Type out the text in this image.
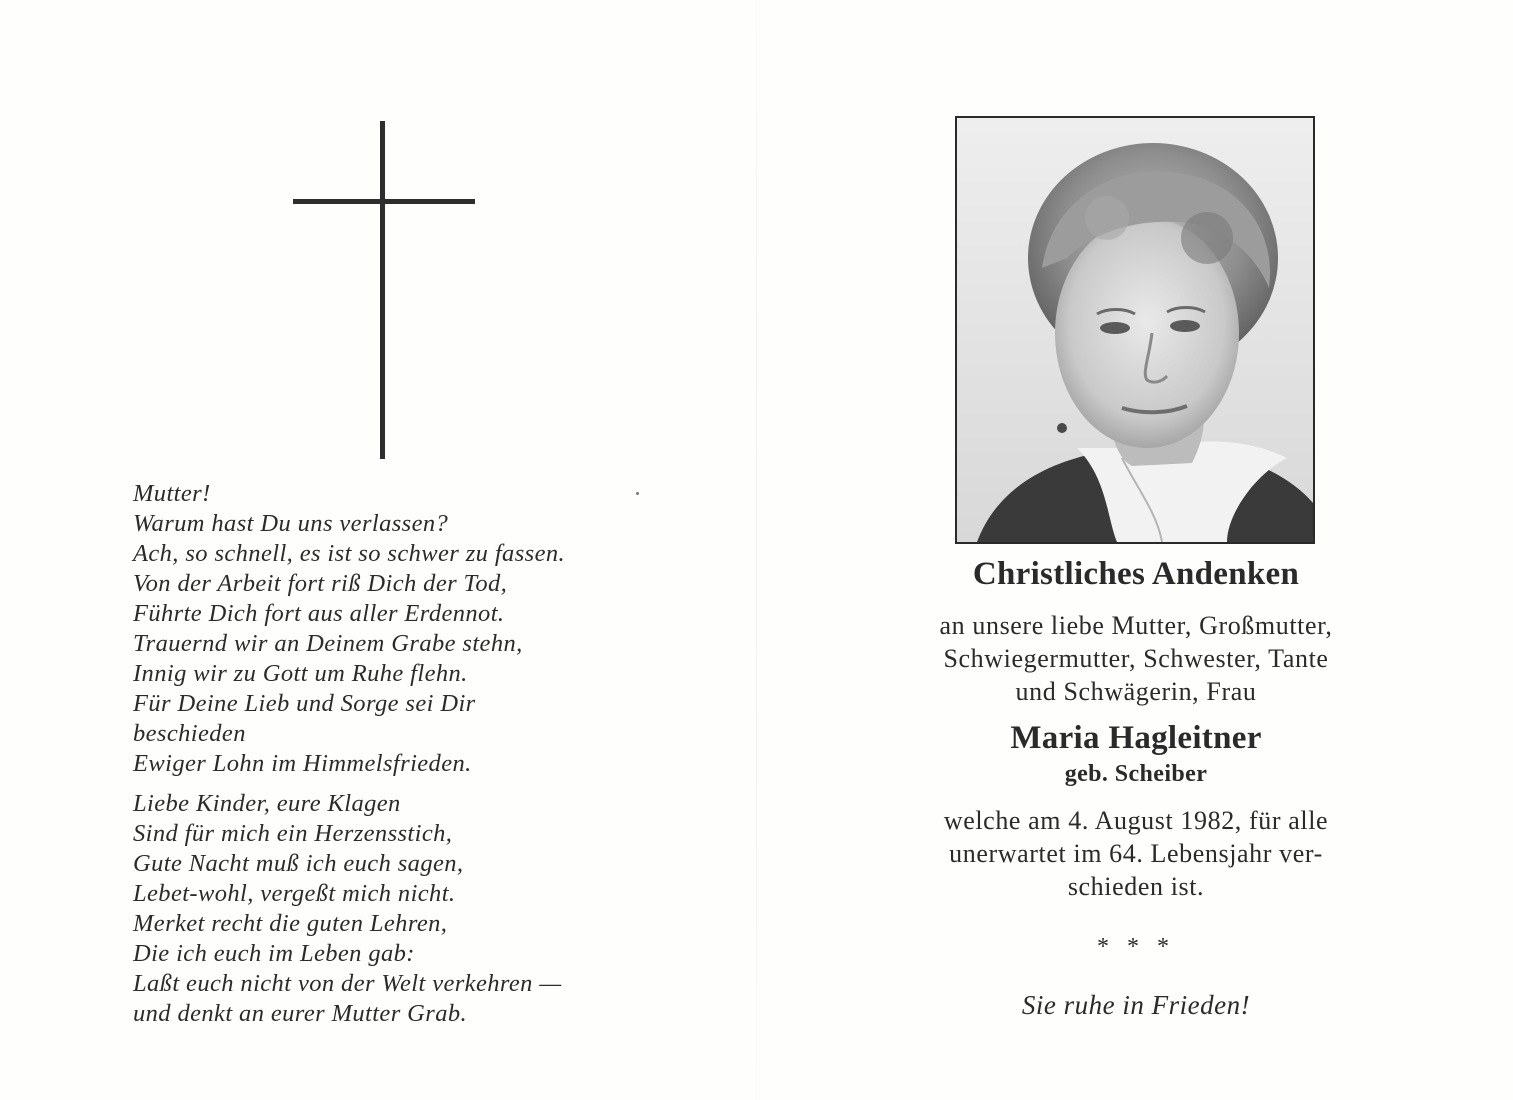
Mutter!
Warum hast Du uns verlassen?
Ach, so schnell, es ist so schwer zu fassen.
Von der Arbeit fort riß Dich der Tod,
Führte Dich fort aus aller Erdennot.
Trauernd wir an Deinem Grabe stehn,
Innig wir zu Gott um Ruhe flehn.
Für Deine Lieb und Sorge sei Dir
beschieden
Ewiger Lohn im Himmelsfrieden.
Liebe Kinder, eure Klagen
Sind für mich ein Herzensstich,
Gute Nacht muß ich euch sagen,
Lebet-wohl, vergeßt mich nicht.
Merket recht die guten Lehren,
Die ich euch im Leben gab:
Laßt euch nicht von der Welt verkehren —
und denkt an eurer Mutter Grab.
Christliches Andenken
an unsere liebe Mutter, Großmutter,
Schwiegermutter, Schwester, Tante
und Schwägerin, Frau
Maria Hagleitner
geb. Scheiber
welche am 4. August 1982, für alle
unerwartet im 64. Lebensjahr ver-
schieden ist.
* * *
Sie ruhe in Frieden!
